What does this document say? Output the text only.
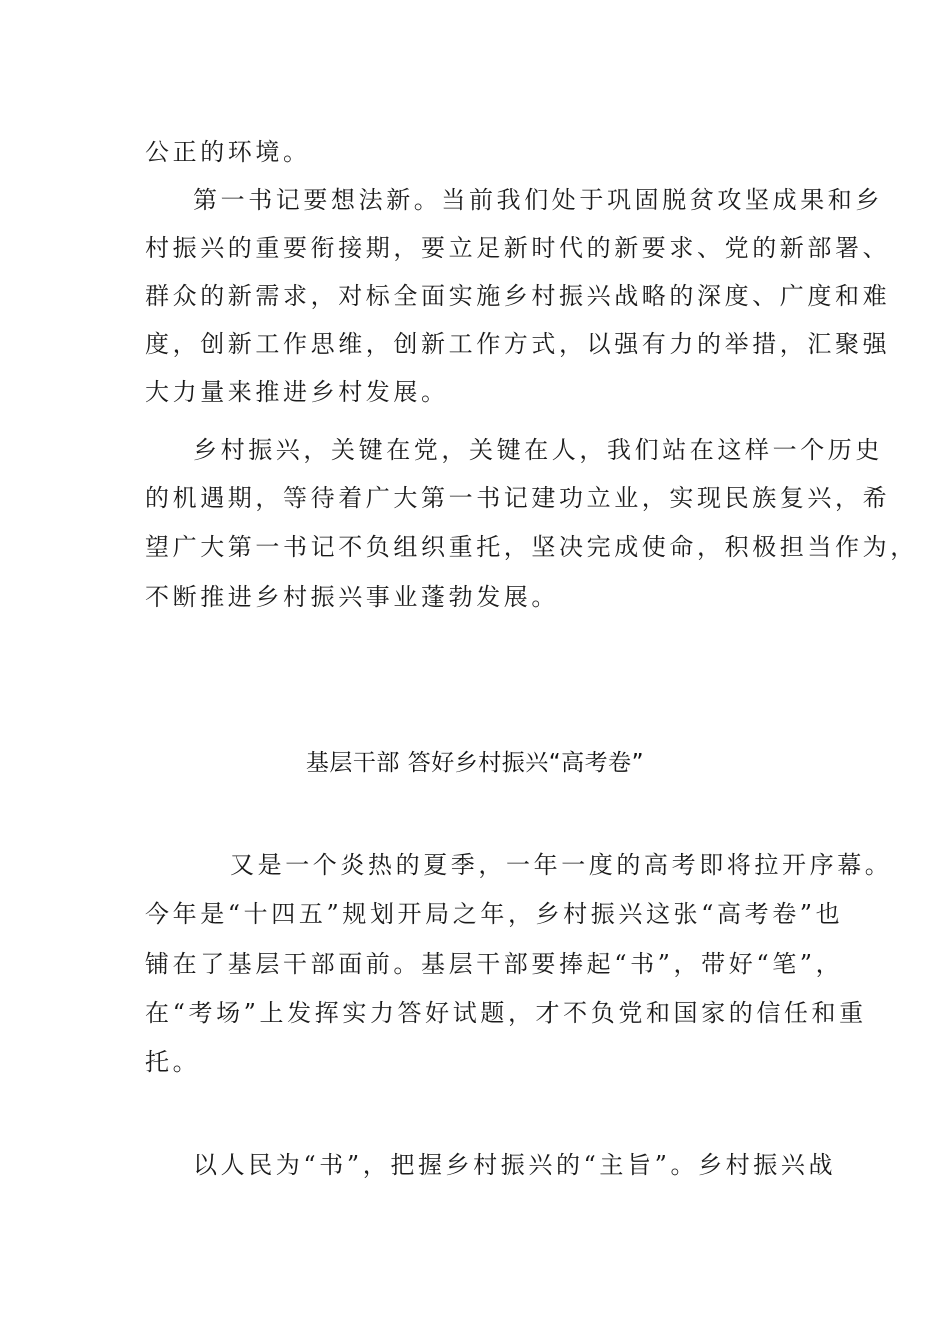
公正的环境。
第一书记要想法新。当前我们处于巩固脱贫攻坚成果和乡
村振兴的重要衔接期，要立足新时代的新要求、党的新部署、
群众的新需求，对标全面实施乡村振兴战略的深度、广度和难
度，创新工作思维，创新工作方式，以强有力的举措，汇聚强
大力量来推进乡村发展。
乡村振兴，关键在党，关键在人，我们站在这样一个历史
的机遇期，等待着广大第一书记建功立业，实现民族复兴，希
望广大第一书记不负组织重托，坚决完成使命，积极担当作为，
不断推进乡村振兴事业蓬勃发展。
基层干部 答好乡村振兴“高考卷”
又是一个炎热的夏季，一年一度的高考即将拉开序幕。
今年是“十四五”规划开局之年，乡村振兴这张“高考卷”也
铺在了基层干部面前。基层干部要捧起“书”，带好“笔”，
在“考场”上发挥实力答好试题，才不负党和国家的信任和重
托。
以人民为“书”，把握乡村振兴的“主旨”。乡村振兴战
